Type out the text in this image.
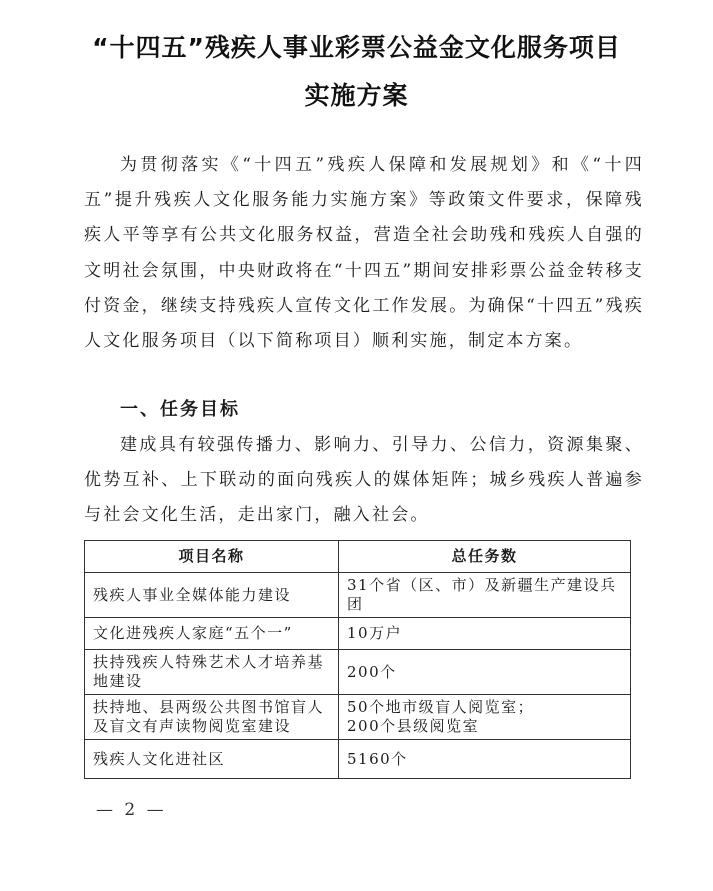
“十四五”残疾人事业彩票公益金文化服务项目
实施方案

为贯彻落实《“十四五”残疾人保障和发展规划》和《“十四五”提升残疾人文化服务能力实施方案》等政策文件要求，保障残疾人平等享有公共文化服务权益，营造全社会助残和残疾人自强的文明社会氛围，中央财政将在“十四五”期间安排彩票公益金转移支付资金，继续支持残疾人宣传文化工作发展。为确保“十四五”残疾人文化服务项目（以下简称项目）顺利实施，制定本方案。

一、任务目标

建成具有较强传播力、影响力、引导力、公信力，资源集聚、优势互补、上下联动的面向残疾人的媒体矩阵；城乡残疾人普遍参与社会文化生活，走出家门，融入社会。

项目名称	总任务数
残疾人事业全媒体能力建设	31个省（区、市）及新疆生产建设兵团
文化进残疾人家庭“五个一”	10万户
扶持残疾人特殊艺术人才培养基地建设	200个
扶持地、县两级公共图书馆盲人及盲文有声读物阅览室建设	50个地市级盲人阅览室；
200个县级阅览室

残疾人文化进社区	5160个
— 2 —
